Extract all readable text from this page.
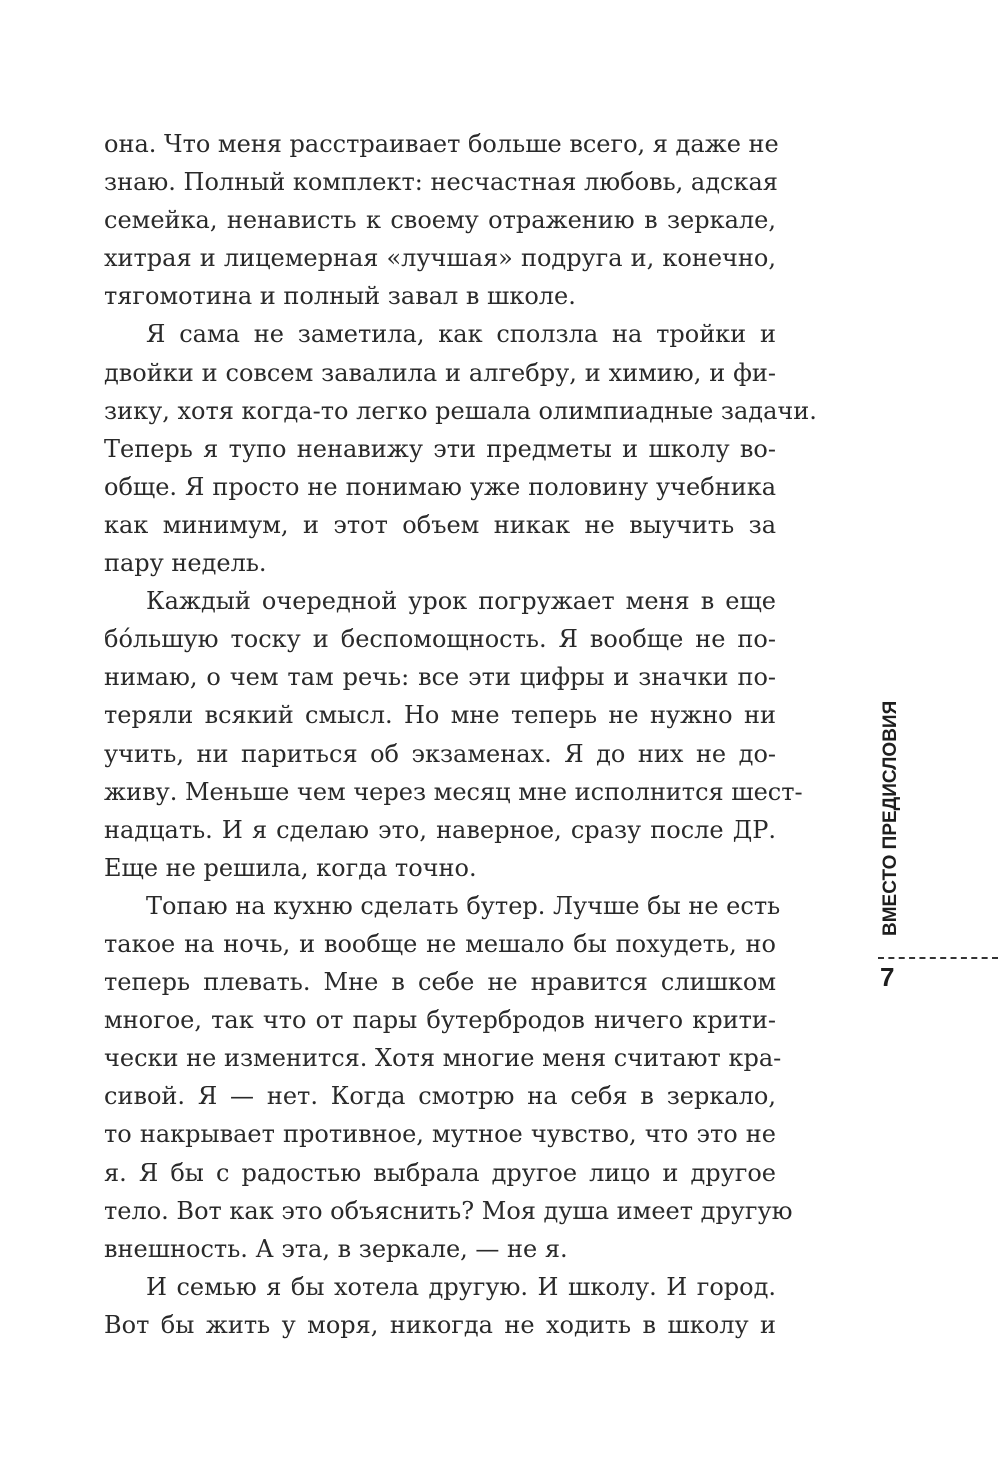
она. Что меня расстраивает больше всего, я даже не
знаю. Полный комплект: несчастная любовь, адская
семейка, ненависть к своему отражению в зеркале,
хитрая и лицемерная «лучшая» подруга и, конечно,
тягомотина и полный завал в школе.
Я сама не заметила, как сползла на тройки и
двойки и совсем завалила и алгебру, и химию, и фи-
зику, хотя когда-то легко решала олимпиадные задачи.
Теперь я тупо ненавижу эти предметы и школу во-
обще. Я просто не понимаю уже половину учебника
как минимум, и этот объем никак не выучить за
пару недель.
Каждый очередной урок погружает меня в еще
бóльшую тоску и беспомощность. Я вообще не по-
нимаю, о чем там речь: все эти цифры и значки по-
теряли всякий смысл. Но мне теперь не нужно ни
учить, ни париться об экзаменах. Я до них не до-
живу. Меньше чем через месяц мне исполнится шест-
надцать. И я сделаю это, наверное, сразу после ДР.
Еще не решила, когда точно.
Топаю на кухню сделать бутер. Лучше бы не есть
такое на ночь, и вообще не мешало бы похудеть, но
теперь плевать. Мне в себе не нравится слишком
многое, так что от пары бутербродов ничего крити-
чески не изменится. Хотя многие меня считают кра-
сивой. Я — нет. Когда смотрю на себя в зеркало,
то накрывает противное, мутное чувство, что это не
я. Я бы с радостью выбрала другое лицо и другое
тело. Вот как это объяснить? Моя душа имеет другую
внешность. А эта, в зеркале, — не я.
И семью я бы хотела другую. И школу. И город.
Вот бы жить у моря, никогда не ходить в школу и
ВМЕСТО ПРЕДИСЛОВИЯ
7
